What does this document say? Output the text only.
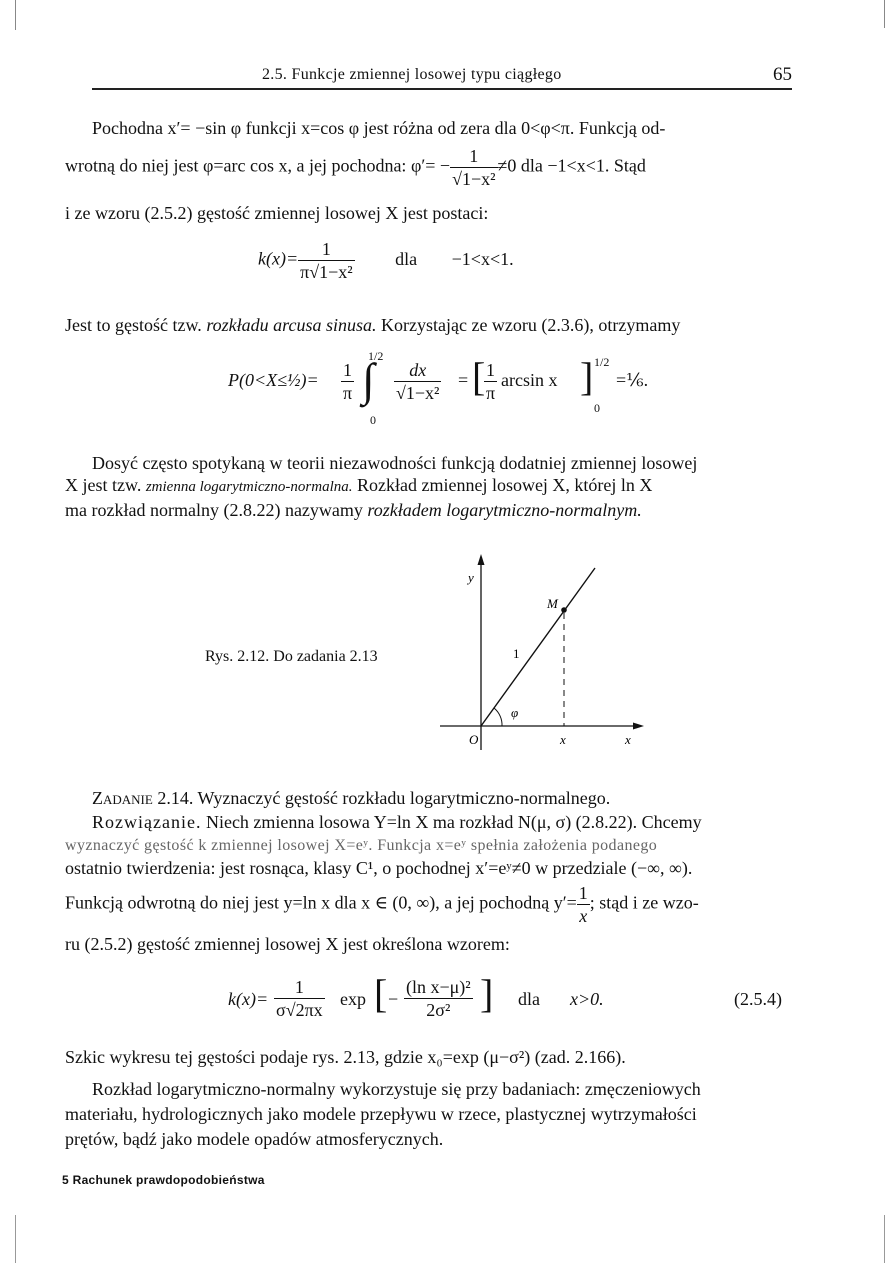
2.5. Funkcje zmiennej losowej typu ciągłego	65
Pochodna x′= −sin φ funkcji x=cos φ jest różna od zera dla 0<φ<π. Funkcją od-
wrotną do niej jest φ=arc cos x, a jej pochodna: $\varphi'= - \frac{1}{\text{√1−x²}} \ne 0$ dla −1<x<1. Stąd
i ze wzoru (2.5.2) gęstość zmiennej losowej X jest postaci:
$k(x)= \frac{1}{\text{π√1−x²}}$ dla −1<x<1.
Jest to gęstość tzw. rozkładu arcusa sinusa. Korzystając ze wzoru (2.3.6), otrzymamy
P(0<X≤½)= $\frac{1}{\pi}$
1/2
∫
0
$\frac{dx}{\text{√1−x²}}$ = [
$\frac{1}{\pi}$ arcsin x ] 1/2
0
=⅙.
Dosyć często spotykaną w teorii niezawodności funkcją dodatniej zmiennej losowej
X jest tzw. zmienna logarytmiczno-normalna. Rozkład zmiennej losowej X, której ln X
ma rozkład normalny (2.8.22) nazywamy rozkładem logarytmiczno-normalnym.
Rys. 2.12. Do zadania 2.13
y
M
1
φ
O	x	x
Zadanie 2.14. Wyznaczyć gęstość rozkładu logarytmiczno-normalnego.
Rozwiązanie. Niech zmienna losowa Y=ln X ma rozkład N(μ, σ) (2.8.22). Chcemy
wyznaczyć gęstość k zmiennej losowej X=eʸ. Funkcja x=eʸ spełnia założenia podanego
ostatnio twierdzenia: jest rosnąca, klasy C¹, o pochodnej x′=eʸ≠0 w przedziale (−∞, ∞).
Funkcją odwrotną do niej jest y=ln x dla x ∈ (0, ∞), a jej pochodną $y'= \frac{1}{x}$ ; stąd i ze wzo-
ru (2.5.2) gęstość zmiennej losowej X jest określona wzorem:
$k(x)= \frac{1}{\sigma√2\pi x}$ exp [ − $\frac{\text{(ln x−μ)²}}{\text{2σ²}}$ ] dla x>0.	(2.5.4)
Szkic wykresu tej gęstości podaje rys. 2.13, gdzie x₀=exp (μ−σ²) (zad. 2.166).
Rozkład logarytmiczno-normalny wykorzystuje się przy badaniach: zmęczeniowych
materiału, hydrologicznych jako modele przepływu w rzece, plastycznej wytrzymałości
prętów, bądź jako modele opadów atmosferycznych.
5 Rachunek prawdopodobieństwa
